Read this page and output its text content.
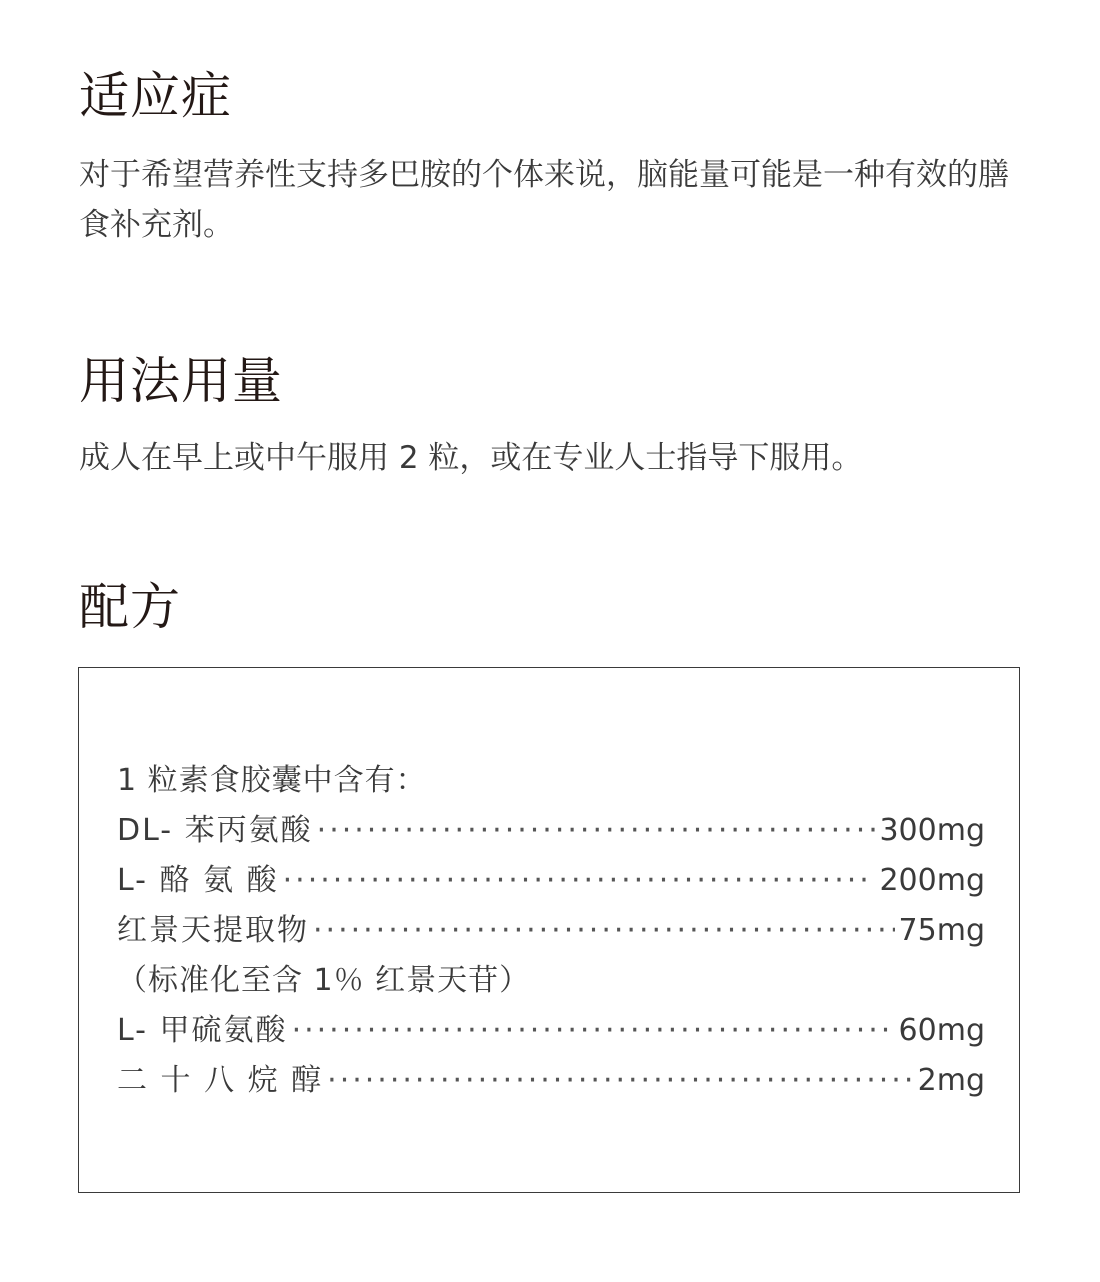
适应症

对于希望营养性支持多巴胺的个体来说，脑能量可能是一种有效的膳食补充剂。

用法用量

成人在早上或中午服用 2 粒，或在专业人士指导下服用。

配方
1 粒素食胶囊中含有：
DL- 苯丙氨酸 ·····	300mg
L- 酪 氨 酸 ·····	200mg
红景天提取物 ·····	75mg
（标准化至含 1％ 红景天苷）
L- 甲硫氨酸 ·····	60mg
二 十 八 烷 醇 ·····	2mg
